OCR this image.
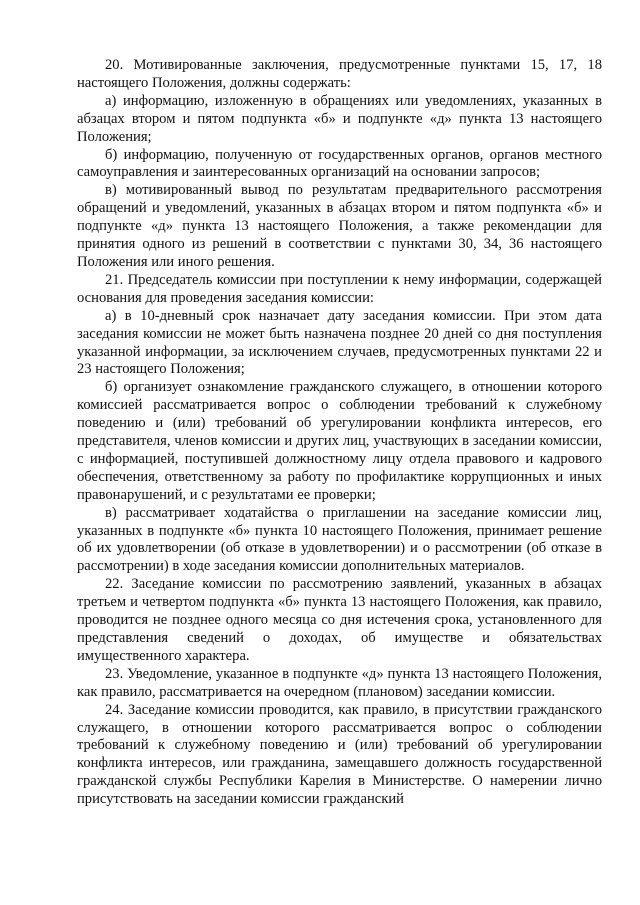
20. Мотивированные заключения, предусмотренные пунктами 15, 17, 18 настоящего Положения, должны содержать:

а) информацию, изложенную в обращениях или уведомлениях, указанных в абзацах втором и пятом подпункта «б» и подпункте «д» пункта 13 настоящего Положения;

б) информацию, полученную от государственных органов, органов местного самоуправления и заинтересованных организаций на основании запросов;

в) мотивированный вывод по результатам предварительного рассмотрения обращений и уведомлений, указанных в абзацах втором и пятом подпункта «б» и подпункте «д» пункта 13 настоящего Положения, а также рекомендации для принятия одного из решений в соответствии с пунктами 30, 34, 36 настоящего Положения или иного решения.

21. Председатель комиссии при поступлении к нему информации, содержащей основания для проведения заседания комиссии:

а) в 10-дневный срок назначает дату заседания комиссии. При этом дата заседания комиссии не может быть назначена позднее 20 дней со дня поступления указанной информации, за исключением случаев, предусмотренных пунктами 22 и 23 настоящего Положения;

б) организует ознакомление гражданского служащего, в отношении которого комиссией рассматривается вопрос о соблюдении требований к служебному поведению и (или) требований об урегулировании конфликта интересов, его представителя, членов комиссии и других лиц, участвующих в заседании комиссии, с информацией, поступившей должностному лицу отдела правового и кадрового обеспечения, ответственному за работу по профилактике коррупционных и иных правонарушений, и с результатами ее проверки;

в) рассматривает ходатайства о приглашении на заседание комиссии лиц, указанных в подпункте «б» пункта 10 настоящего Положения, принимает решение об их удовлетворении (об отказе в удовлетворении) и о рассмотрении (об отказе в рассмотрении) в ходе заседания комиссии дополнительных материалов.

22. Заседание комиссии по рассмотрению заявлений, указанных в абзацах третьем и четвертом подпункта «б» пункта 13 настоящего Положения, как правило, проводится не позднее одного месяца со дня истечения срока, установленного для представления сведений о доходах, об имуществе и обязательствах имущественного характера.

23. Уведомление, указанное в подпункте «д» пункта 13 настоящего Положения, как правило, рассматривается на очередном (плановом) заседании комиссии.

24. Заседание комиссии проводится, как правило, в присутствии гражданского служащего, в отношении которого рассматривается вопрос о соблюдении требований к служебному поведению и (или) требований об урегулировании конфликта интересов, или гражданина, замещавшего должность государственной гражданской службы Республики Карелия в Министерстве. О намерении лично присутствовать на заседании комиссии гражданский
